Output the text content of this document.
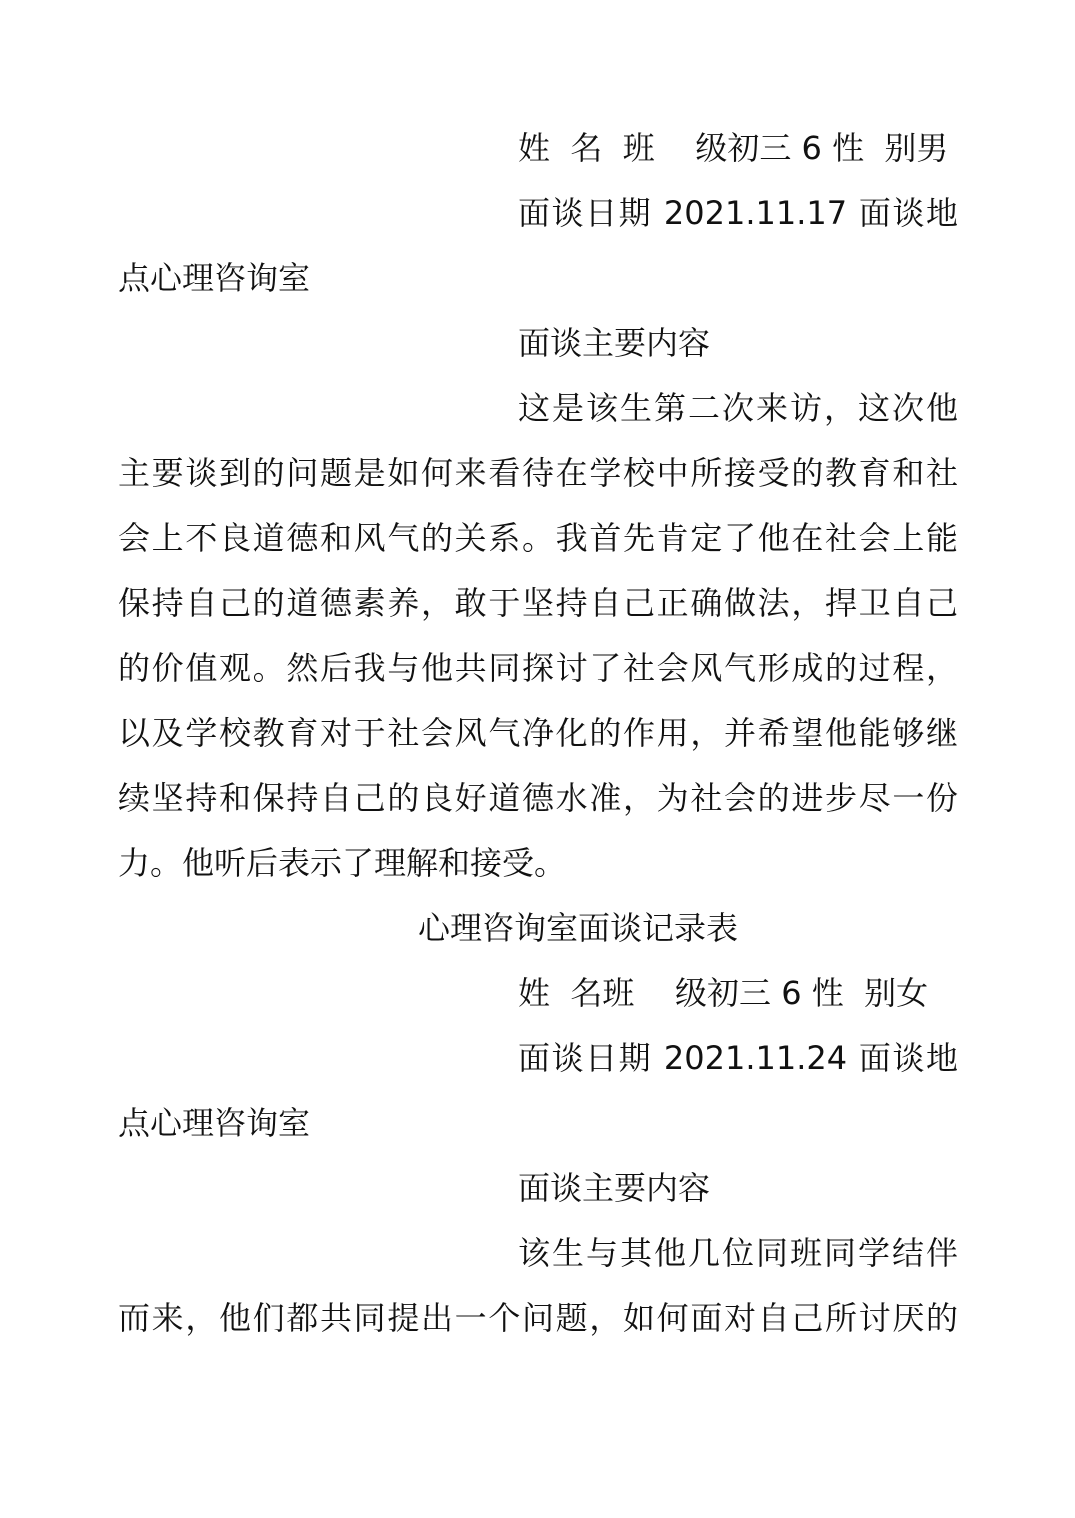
姓  名  班    级初三 6 性  别男
面谈日期 2021.11.17 面谈地
点心理咨询室
面谈主要内容
这是该生第二次来访，这次他
主要谈到的问题是如何来看待在学校中所接受的教育和社
会上不良道德和风气的关系。我首先肯定了他在社会上能
保持自己的道德素养，敢于坚持自己正确做法，捍卫自己
的价值观。然后我与他共同探讨了社会风气形成的过程，
以及学校教育对于社会风气净化的作用，并希望他能够继
续坚持和保持自己的良好道德水准，为社会的进步尽一份
力。他听后表示了理解和接受。
心理咨询室面谈记录表
姓  名班    级初三 6 性  别女
面谈日期 2021.11.24 面谈地
点心理咨询室
面谈主要内容
该生与其他几位同班同学结伴
而来，他们都共同提出一个问题，如何面对自己所讨厌的
